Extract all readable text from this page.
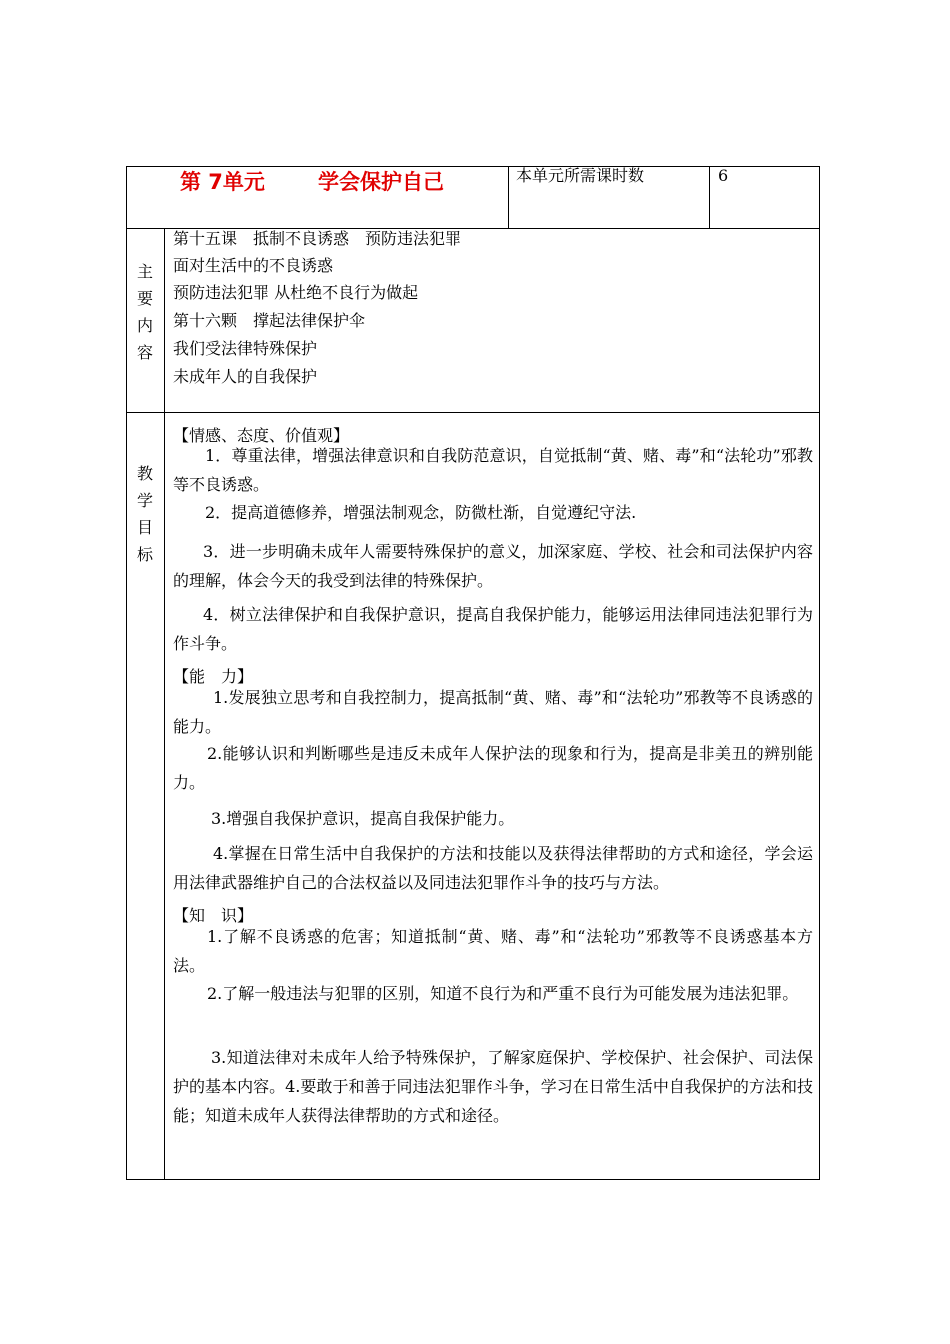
第 7单元	学会保护自己	本单元所需课时数	6
主
要
内
容
第十五课　抵制不良诱惑　预防违法犯罪
面对生活中的不良诱惑
预防违法犯罪 从杜绝不良行为做起
第十六颗　撑起法律保护伞
我们受法律特殊保护
未成年人的自我保护
教
学
目
标
【情感、态度、价值观】
1．尊重法律，增强法律意识和自我防范意识，自觉抵制“黄、赌、毒”和“法轮功”邪教等不良诱惑。
2．提高道德修养，增强法制观念，防微杜渐，自觉遵纪守法.
3．进一步明确未成年人需要特殊保护的意义，加深家庭、学校、社会和司法保护内容的理解，体会今天的我受到法律的特殊保护。
4．树立法律保护和自我保护意识，提高自我保护能力，能够运用法律同违法犯罪行为作斗争。
【能　力】
1.发展独立思考和自我控制力，提高抵制“黄、赌、毒”和“法轮功”邪教等不良诱惑的能力。
2.能够认识和判断哪些是违反未成年人保护法的现象和行为，提高是非美丑的辨别能力。
3.增强自我保护意识，提高自我保护能力。
4.掌握在日常生活中自我保护的方法和技能以及获得法律帮助的方式和途径，学会运用法律武器维护自己的合法权益以及同违法犯罪作斗争的技巧与方法。
【知　识】
1.了解不良诱惑的危害；知道抵制“黄、赌、毒”和“法轮功”邪教等不良诱惑基本方法。
2.了解一般违法与犯罪的区别，知道不良行为和严重不良行为可能发展为违法犯罪。
3.知道法律对未成年人给予特殊保护，了解家庭保护、学校保护、社会保护、司法保护的基本内容。4.要敢于和善于同违法犯罪作斗争，学习在日常生活中自我保护的方法和技能；知道未成年人获得法律帮助的方式和途径。
